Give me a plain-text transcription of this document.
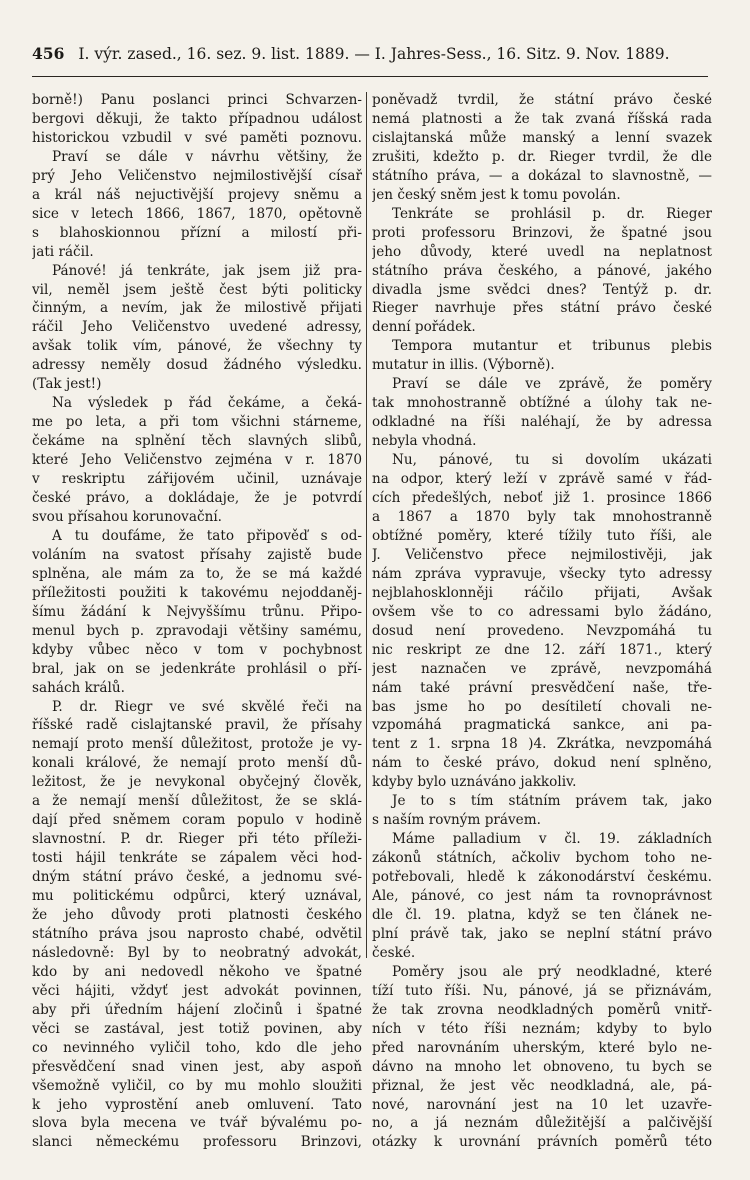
456 I. výr. zased., 16. sez. 9. list. 1889. — I. Jahres-Sess., 16. Sitz. 9. Nov. 1889.

borně!) Panu poslanci princi Schvarzen-

bergovi děkuji, že takto případnou událost

historickou vzbudil v své paměti poznovu.

Praví se dále v návrhu většiny, že

prý Jeho Veličenstvo nejmilostivější císař

a král náš nejuctivější projevy sněmu a

sice v letech 1866, 1867, 1870, opětovně

s blahoskionnou přízní a milostí při-

jati ráčil.

Pánové! já tenkráte, jak jsem již pra-

vil, neměl jsem ještě čest býti politicky

činným, a nevím, jak že milostivě přijati

ráčil Jeho Veličenstvo uvedené adressy,

avšak tolik vím, pánové, že všechny ty

adressy neměly dosud žádného výsledku.

(Tak jest!)

Na výsledek p řád čekáme, a čeká-

me po leta, a při tom všichni stárneme,

čekáme na splnění těch slavných slibů,

které Jeho Veličenstvo zejména v r. 1870

v reskriptu zářijovém učinil, uznávaje

české právo, a dokládaje, že je potvrdí

svou přísahou korunovační.

A tu doufáme, že tato připověď s od-

voláním na svatost přísahy zajistě bude

splněna, ale mám za to, že se má každé

příležitosti použiti k takovému nejoddaněj-

šímu žádání k Nejvyššímu trůnu. Připo-

menul bych p. zpravodaji většiny samému,

kdyby vůbec něco v tom v pochybnost

bral, jak on se jedenkráte prohlásil o pří-

sahách králů.

P. dr. Riegr ve své skvělé řeči na

říšské radě cislajtanské pravil, že přísahy

nemají proto menší důležitost, protože je vy-

konali králové, že nemají proto menší dů-

ležitost, že je nevykonal obyčejný člověk,

a že nemají menší důležitost, že se sklá-

dají před sněmem coram populo v hodině

slavnostní. P. dr. Rieger při této příleži-

tosti hájil tenkráte se zápalem věci hod-

dným státní právo české, a jednomu své-

mu politickému odpůrci, který uznával,

že jeho důvody proti platnosti českého

státního práva jsou naprosto chabé, odvětil

následovně: Byl by to neobratný advokát,

kdo by ani nedovedl někoho ve špatné

věci hájiti, vždyť jest advokát povinnen,

aby při úředním hájení zločinů i špatné

věci se zastával, jest totiž povinen, aby

co nevinného vyličil toho, kdo dle jeho

přesvědčení snad vinen jest, aby aspoň

všemožně vyličil, co by mu mohlo sloužiti

k jeho vyprostění aneb omluvení. Tato

slova byla mecena ve tvář bývalému po-

slanci německému professoru Brinzovi,

poněvadž tvrdil, že státní právo české

nemá platnosti a že tak zvaná říšská rada

cislajtanská může manský a lenní svazek

zrušiti, kdežto p. dr. Rieger tvrdil, že dle

státního práva, — a dokázal to slavnostně, —

jen český sněm jest k tomu povolán.

Tenkráte se prohlásil p. dr. Rieger

proti professoru Brinzovi, že špatné jsou

jeho důvody, které uvedl na neplatnost

státního práva českého, a pánové, jakého

divadla jsme svědci dnes? Tentýž p. dr.

Rieger navrhuje přes státní právo české

denní pořádek.

Tempora mutantur et tribunus plebis

mutatur in illis. (Výborně).

Praví se dále ve zprávě, že poměry

tak mnohostranně obtížné a úlohy tak ne-

odkladné na říši naléhají, že by adressa

nebyla vhodná.

Nu, pánové, tu si dovolím ukázati

na odpor, který leží v zprávě samé v řád-

cích předešlých, neboť již 1. prosince 1866

a 1867 a 1870 byly tak mnohostranně

obtížné poměry, které tížily tuto říši, ale

J. Veličenstvo přece nejmilostivěji, jak

nám zpráva vypravuje, všecky tyto adressy

nejblahosklonněji ráčilo přijati, Avšak

ovšem vše to co adressami bylo žádáno,

dosud není provedeno. Nevzpomáhá tu

nic reskript ze dne 12. září 1871., který

jest naznačen ve zprávě, nevzpomáhá

nám také právní presvědčení naše, tře-

bas jsme ho po desítiletí chovali ne-

vzpomáhá pragmatická sankce, ani pa-

tent z 1. srpna 18 )4. Zkrátka, nevzpomáhá

nám to české právo, dokud není splněno,

kdyby bylo uznáváno jakkoliv.

Je to s tím státním právem tak, jako

s naším rovným právem.

Máme palladium v čl. 19. základních

zákonů státních, ačkoliv bychom toho ne-

potřebovali, hledě k zákonodárství českému.

Ale, pánové, co jest nám ta rovnoprávnost

dle čl. 19. platna, když se ten článek ne-

plní právě tak, jako se neplní státní právo

české.

Poměry jsou ale prý neodkladné, které

tíží tuto říši. Nu, pánové, já se přiznávám,

že tak zrovna neodkladných poměrů vnitř-

ních v této říši neznám; kdyby to bylo

před narovnáním uherským, které bylo ne-

dávno na mnoho let obnoveno, tu bych se

přiznal, že jest věc neodkladná, ale, pá-

nové, narovnání jest na 10 let uzavře-

no, a já neznám důležitější a palčivější

otázky k urovnání právních poměrů této
